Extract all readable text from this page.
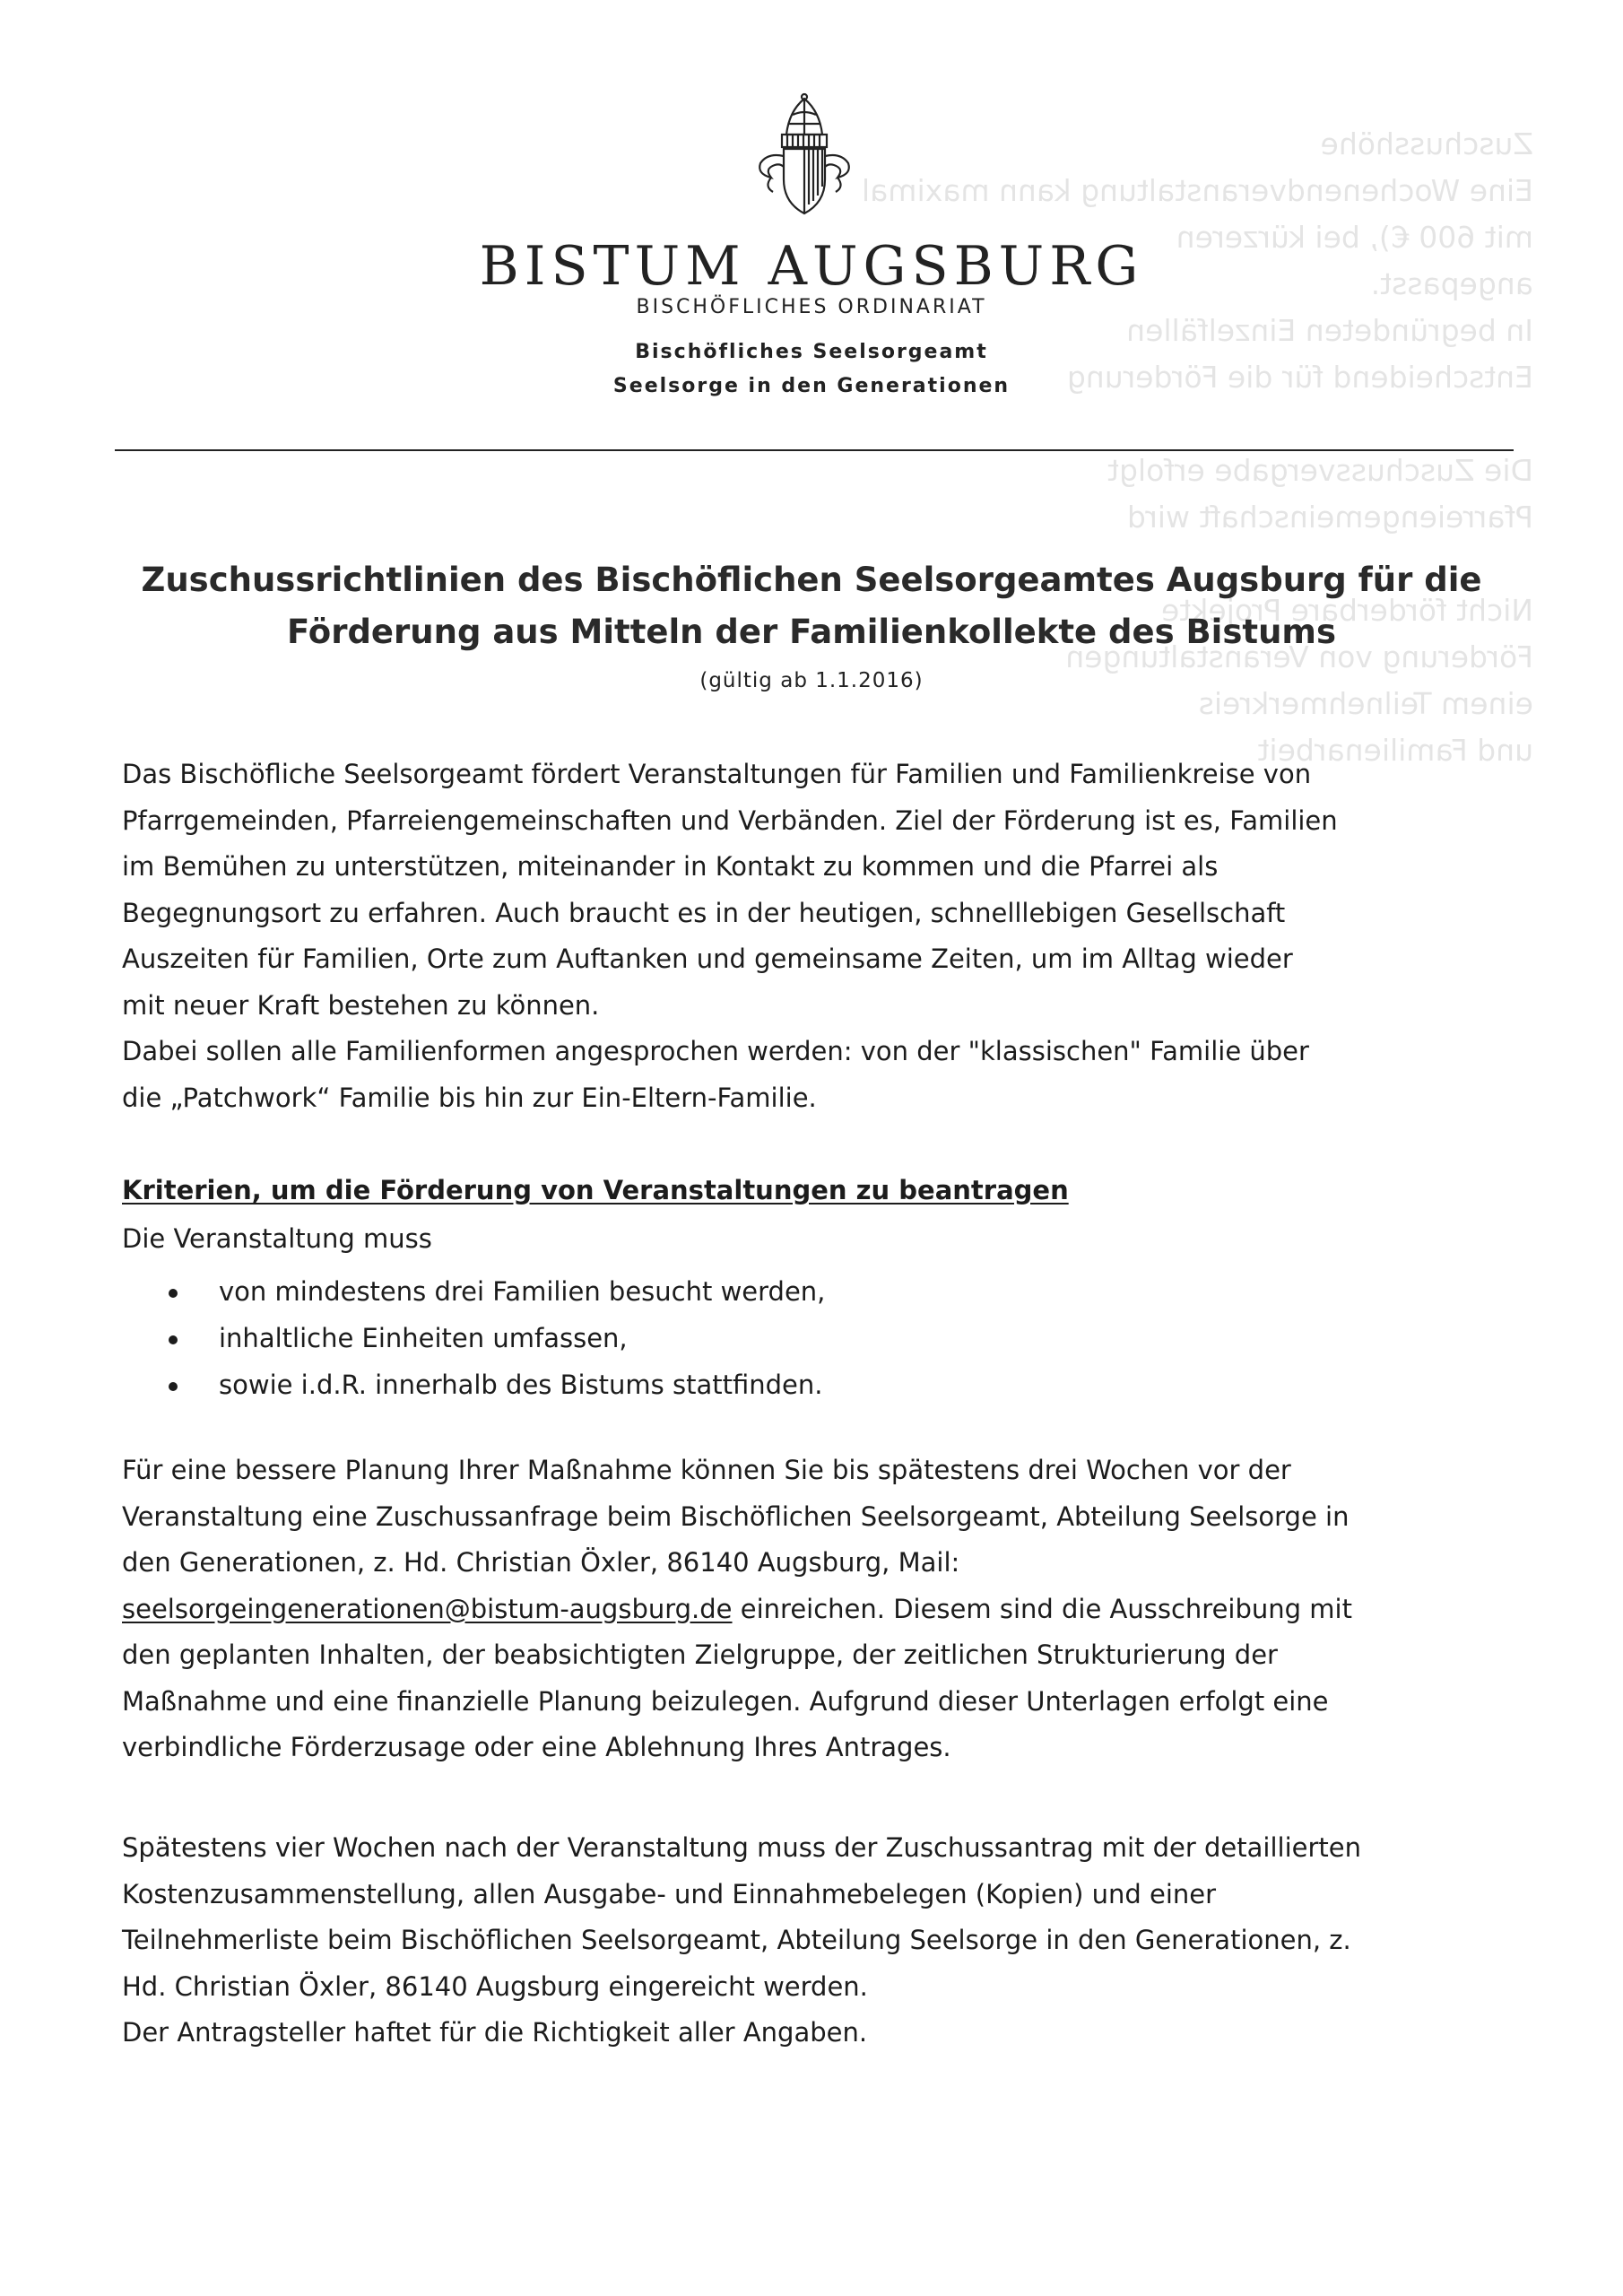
Zuschusshöhe
Eine Wochenendveranstaltung kann maximal
mit 600 €), bei kürzeren
angepasst.
In begründeten Einzelfällen
Entscheidend für die Förderung
Die Zuschussvergabe erfolgt
Pfarreiengemeinschaft wird
Nicht förderbare Projekte
Förderung von Veranstaltungen
einem Teilnehmerkreis
und Familienarbeit
BISTUM AUGSBURG
BISCHÖFLICHES ORDINARIAT
Bischöfliches Seelsorgeamt
Seelsorge in den Generationen
Zuschussrichtlinien des Bischöflichen Seelsorgeamtes Augsburg für die
Förderung aus Mitteln der Familienkollekte des Bistums
(gültig ab 1.1.2016)
Das Bischöfliche Seelsorgeamt fördert Veranstaltungen für Familien und Familienkreise von
Pfarrgemeinden, Pfarreiengemeinschaften und Verbänden. Ziel der Förderung ist es, Familien
im Bemühen zu unterstützen, miteinander in Kontakt zu kommen und die Pfarrei als
Begegnungsort zu erfahren. Auch braucht es in der heutigen, schnelllebigen Gesellschaft
Auszeiten für Familien, Orte zum Auftanken und gemeinsame Zeiten, um im Alltag wieder
mit neuer Kraft bestehen zu können.
Dabei sollen alle Familienformen angesprochen werden: von der "klassischen" Familie über
die „Patchwork“ Familie bis hin zur Ein-Eltern-Familie.
Kriterien, um die Förderung von Veranstaltungen zu beantragen
Die Veranstaltung muss
von mindestens drei Familien besucht werden,
inhaltliche Einheiten umfassen,
sowie i.d.R. innerhalb des Bistums stattfinden.
Für eine bessere Planung Ihrer Maßnahme können Sie bis spätestens drei Wochen vor der
Veranstaltung eine Zuschussanfrage beim Bischöflichen Seelsorgeamt, Abteilung Seelsorge in
den Generationen, z. Hd. Christian Öxler, 86140 Augsburg, Mail:
seelsorgeingenerationen@bistum-augsburg.de einreichen. Diesem sind die Ausschreibung mit
den geplanten Inhalten, der beabsichtigten Zielgruppe, der zeitlichen Strukturierung der
Maßnahme und eine finanzielle Planung beizulegen. Aufgrund dieser Unterlagen erfolgt eine
verbindliche Förderzusage oder eine Ablehnung Ihres Antrages.
Spätestens vier Wochen nach der Veranstaltung muss der Zuschussantrag mit der detaillierten
Kostenzusammenstellung, allen Ausgabe- und Einnahmebelegen (Kopien) und einer
Teilnehmerliste beim Bischöflichen Seelsorgeamt, Abteilung Seelsorge in den Generationen, z.
Hd. Christian Öxler, 86140 Augsburg eingereicht werden.
Der Antragsteller haftet für die Richtigkeit aller Angaben.
